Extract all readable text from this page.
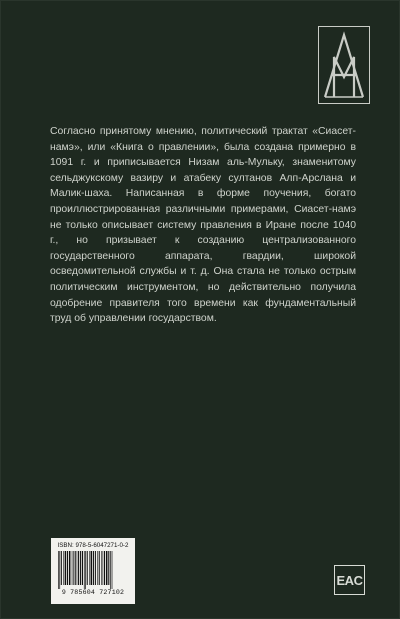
Согласно принятому мнению, политический трактат «Сиасет-намэ», или «Книга о правлении», была создана примерно в 1091 г. и приписывается Низам аль-Мульку, знаменитому сельджукскому вазиру и атабеку султанов Алп-Арслана и Малик-шаха. Написанная в форме поучения, богато проиллюстрированная различными примерами, Сиасет-намэ не только описывает систему правления в Иране после 1040 г., но призывает к созданию централизованного государственного аппарата, гвардии, широкой осведомительной службы и т. д. Она стала не только острым политическим инструментом, но действительно получила одобрение правителя того времени как фундаментальный труд об управлении государством.

ISBN: 978-5-6047271-0-2
9 785604 727102
EAC
